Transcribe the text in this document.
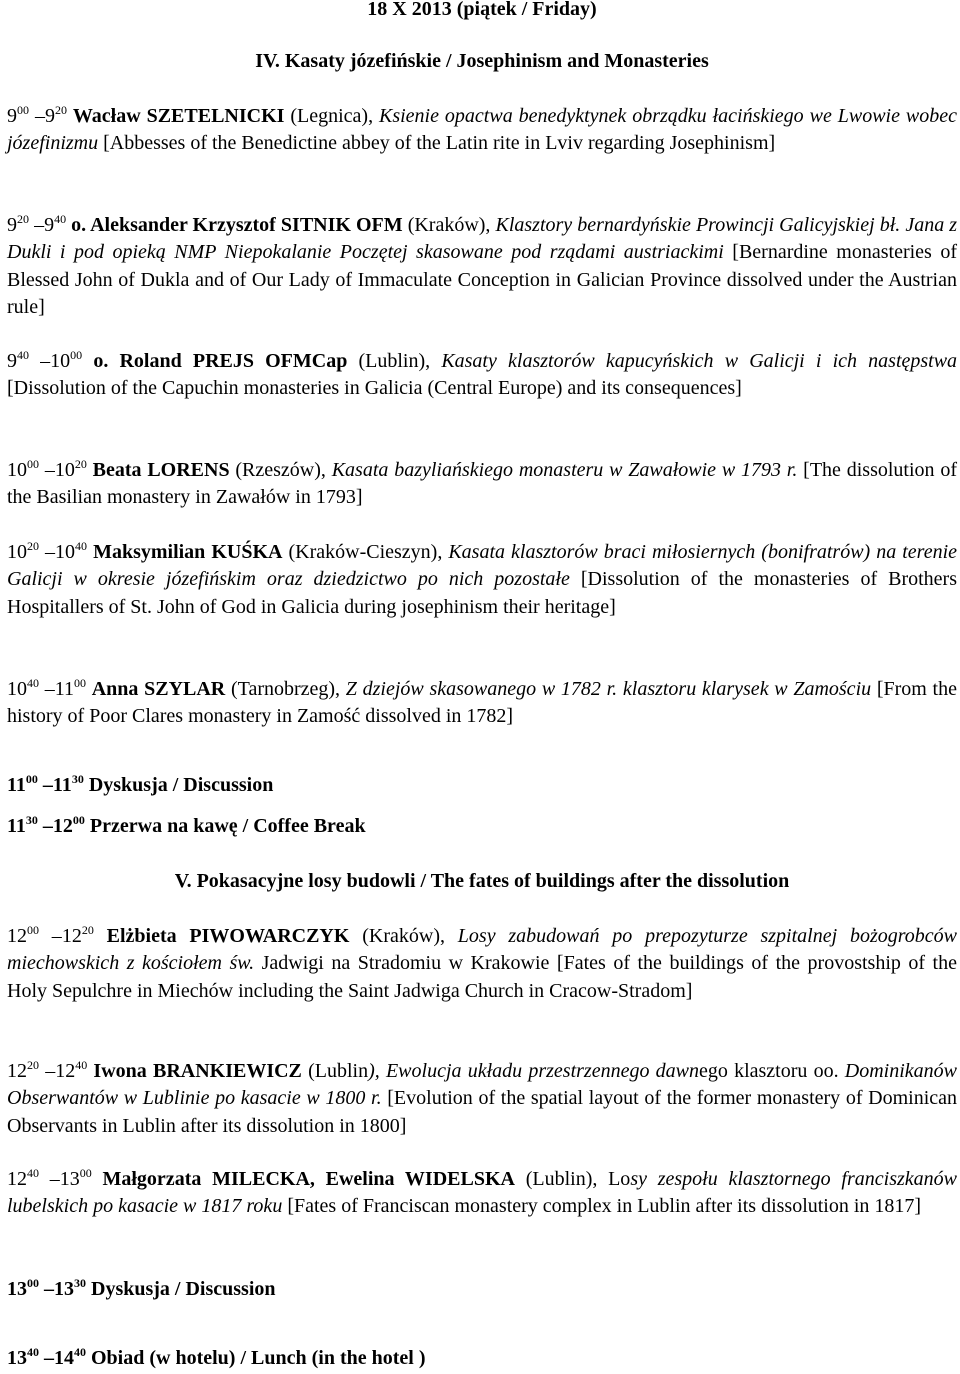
18 X 2013 (piątek / Friday)
IV. Kasaty józefińskie / Josephinism and Monasteries
$9^{00}$ $-9^{20}$ Wacław SZETELNICKI (Legnica), Ksienie opactwa benedyktynek obrządku łacińskiego we Lwowie wobec józefinizmu [Abbesses of the Benedictine abbey of the Latin rite in Lviv regarding Josephinism]
$9^{20}$ $-9^{40}$ o. Aleksander Krzysztof SITNIK OFM (Kraków), Klasztory bernardyńskie Prowincji Galicyjskiej bł. Jana z Dukli i pod opieką NMP Niepokalanie Poczętej skasowane pod rządami austriackimi [Bernardine monasteries of Blessed John of Dukla and of Our Lady of Immaculate Conception in Galician Province dissolved under the Austrian rule]
$9^{40}$ $-10^{00}$ o. Roland PREJS OFMCap (Lublin), Kasaty klasztorów kapucyńskich w Galicji i ich następstwa [Dissolution of the Capuchin monasteries in Galicia (Central Europe) and its consequences]
$10^{00}$ $-10^{20}$ Beata LORENS (Rzeszów), Kasata bazyliańskiego monasteru w Zawałowie w 1793 r. [The dissolution of the Basilian monastery in Zawałów in 1793]
$10^{20}$ $-10^{40}$ Maksymilian KUŚKA (Kraków-Cieszyn), Kasata klasztorów braci miłosiernych (bonifratrów) na terenie Galicji w okresie józefińskim oraz dziedzictwo po nich pozostałe [Dissolution of the monasteries of Brothers Hospitallers of St. John of God in Galicia during josephinism their heritage]
$10^{40}$ $-11^{00}$ Anna SZYLAR (Tarnobrzeg), Z dziejów skasowanego w 1782 r. klasztoru klarysek w Zamościu [From the history of Poor Clares monastery in Zamość dissolved in 1782]
$11^{00}$ $-11^{30}$ Dyskusja / Discussion
$11^{30}$ $-12^{00}$ Przerwa na kawę / Coffee Break
V. Pokasacyjne losy budowli / The fates of buildings after the dissolution
$12^{00}$ $-12^{20}$ Elżbieta PIWOWARCZYK (Kraków), Losy zabudowań po prepozyturze szpitalnej bożogrobców miechowskich z kościołem św. Jadwigi na Stradomiu w Krakowie [Fates of the buildings of the provostship of the Holy Sepulchre in Miechów including the Saint Jadwiga Church in Cracow-Stradom]
$12^{20}$ $-12^{40}$ Iwona BRANKIEWICZ (Lublin), Ewolucja układu przestrzennego dawnego klasztoru oo. Dominikanów Obserwantów w Lublinie po kasacie w 1800 r. [Evolution of the spatial layout of the former monastery of Dominican Observants in Lublin after its dissolution in 1800]
$12^{40}$ $-13^{00}$ Małgorzata MILECKA, Ewelina WIDELSKA (Lublin), Losy zespołu klasztornego franciszkanów lubelskich po kasacie w 1817 roku [Fates of Franciscan monastery complex in Lublin after its dissolution in 1817]
$13^{00}$ $-13^{30}$ Dyskusja / Discussion
$13^{40}$ $-14^{40}$ Obiad (w hotelu) / Lunch (in the hotel )
